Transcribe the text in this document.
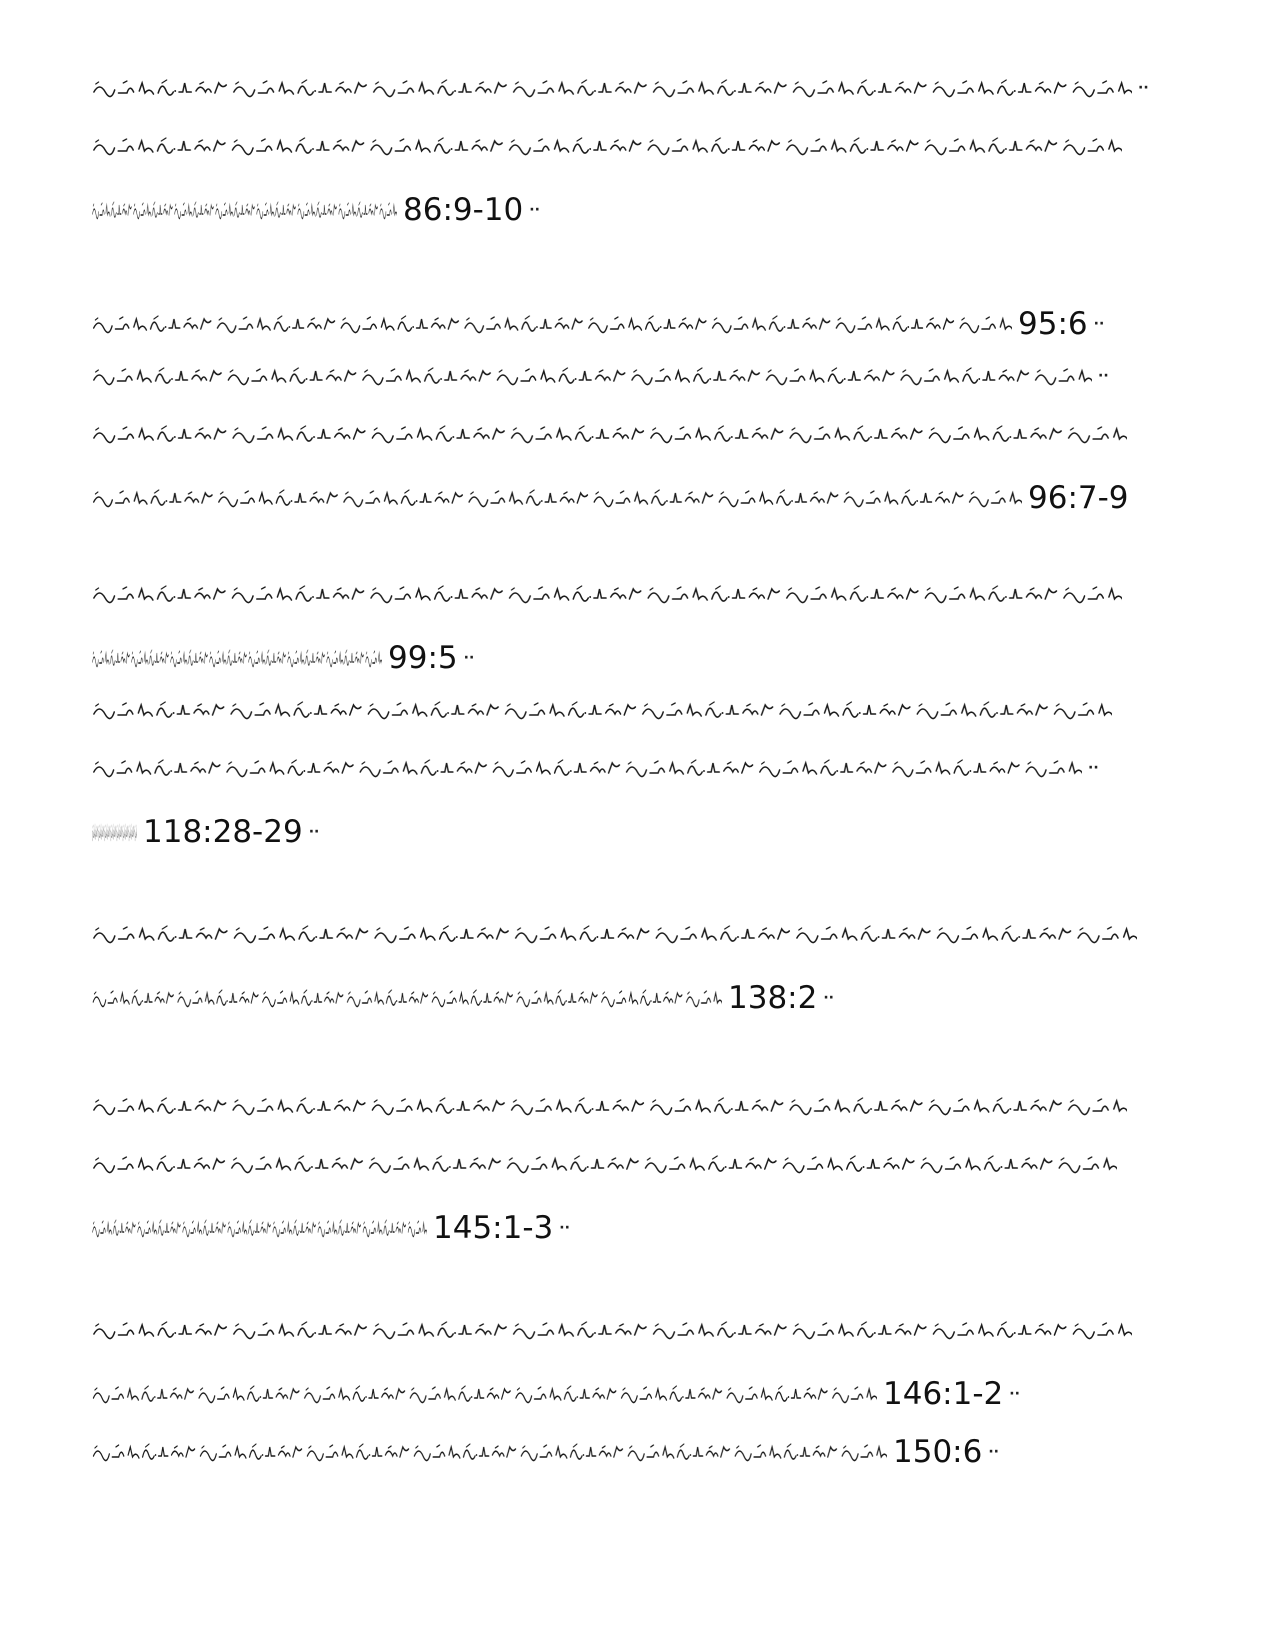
··
86:9-10 ··
95:6 ··
··
96:7-9
99:5 ··
··
118:28-29 ··
138:2 ··
145:1-3 ··
146:1-2 ··
150:6 ··
